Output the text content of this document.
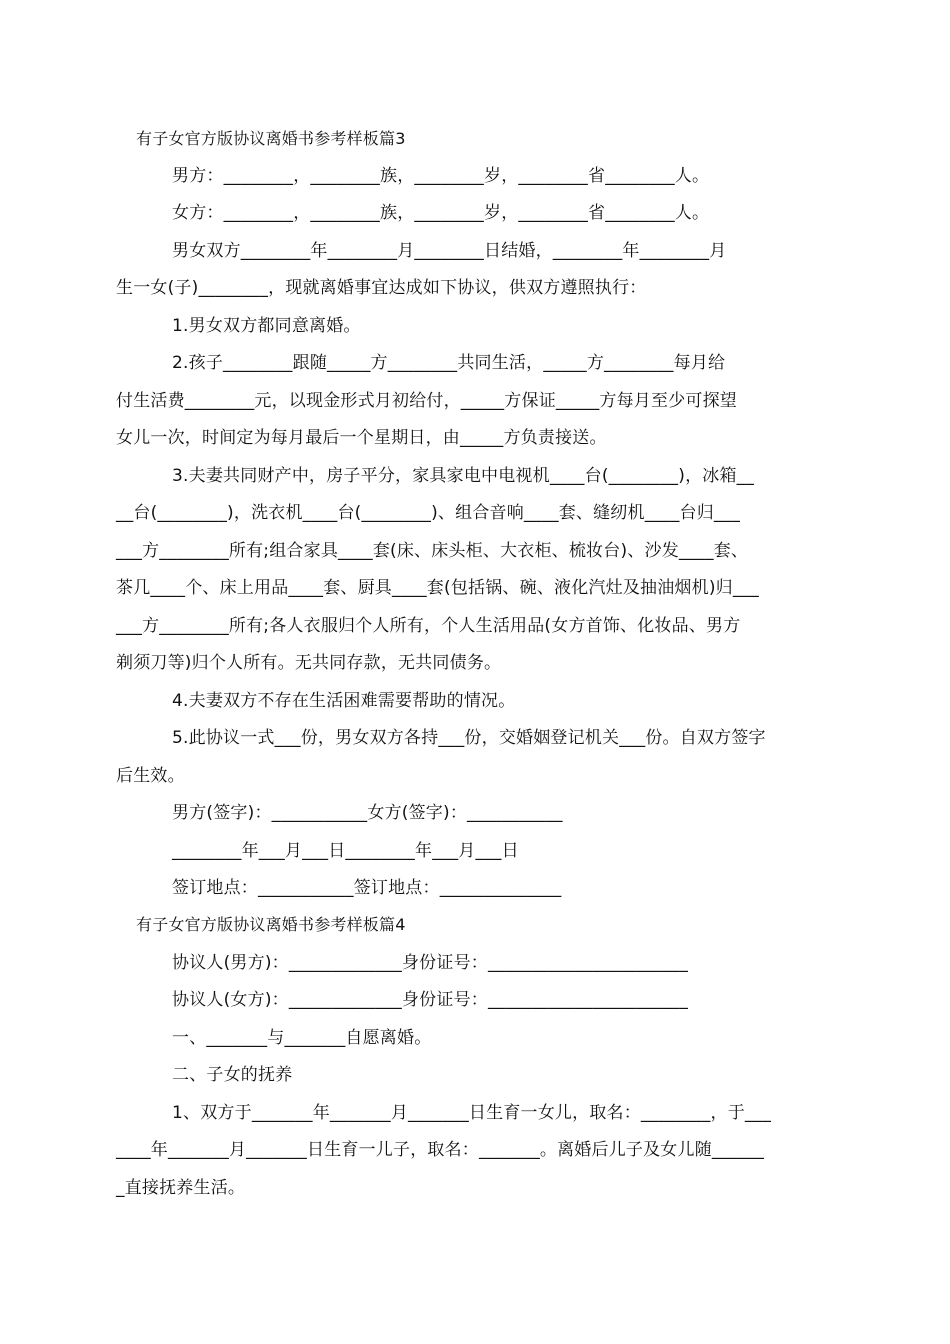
有子女官方版协议离婚书参考样板篇3
男方：________，________族，________岁，________省________人。
女方：________，________族，________岁，________省________人。
男女双方________年________月________日结婚，________年________月
生一女(子)________，现就离婚事宜达成如下协议，供双方遵照执行：
1.男女双方都同意离婚。
2.孩子________跟随_____方________共同生活，_____方________每月给
付生活费________元，以现金形式月初给付，_____方保证_____方每月至少可探望
女儿一次，时间定为每月最后一个星期日，由_____方负责接送。
3.夫妻共同财产中，房子平分，家具家电中电视机____台(________)，冰箱__
__台(________)，洗衣机____台(________)、组合音响____套、缝纫机____台归___
___方________所有;组合家具____套(床、床头柜、大衣柜、梳妆台)、沙发____套、
茶几____个、床上用品____套、厨具____套(包括锅、碗、液化汽灶及抽油烟机)归___
___方________所有;各人衣服归个人所有，个人生活用品(女方首饰、化妆品、男方
剃须刀等)归个人所有。无共同存款，无共同债务。
4.夫妻双方不存在生活困难需要帮助的情况。
5.此协议一式___份，男女双方各持___份，交婚姻登记机关___份。自双方签字
后生效。
男方(签字)：___________女方(签字)：___________
________年___月___日________年___月___日
签订地点：___________签订地点：______________
有子女官方版协议离婚书参考样板篇4
协议人(男方)：_____________身份证号：_______________________
协议人(女方)：_____________身份证号：_______________________
一、_______与_______自愿离婚。
二、子女的抚养
1、双方于_______年_______月_______日生育一女儿，取名：________，于___
____年_______月_______日生育一儿子，取名：_______。离婚后儿子及女儿随______
_直接抚养生活。
